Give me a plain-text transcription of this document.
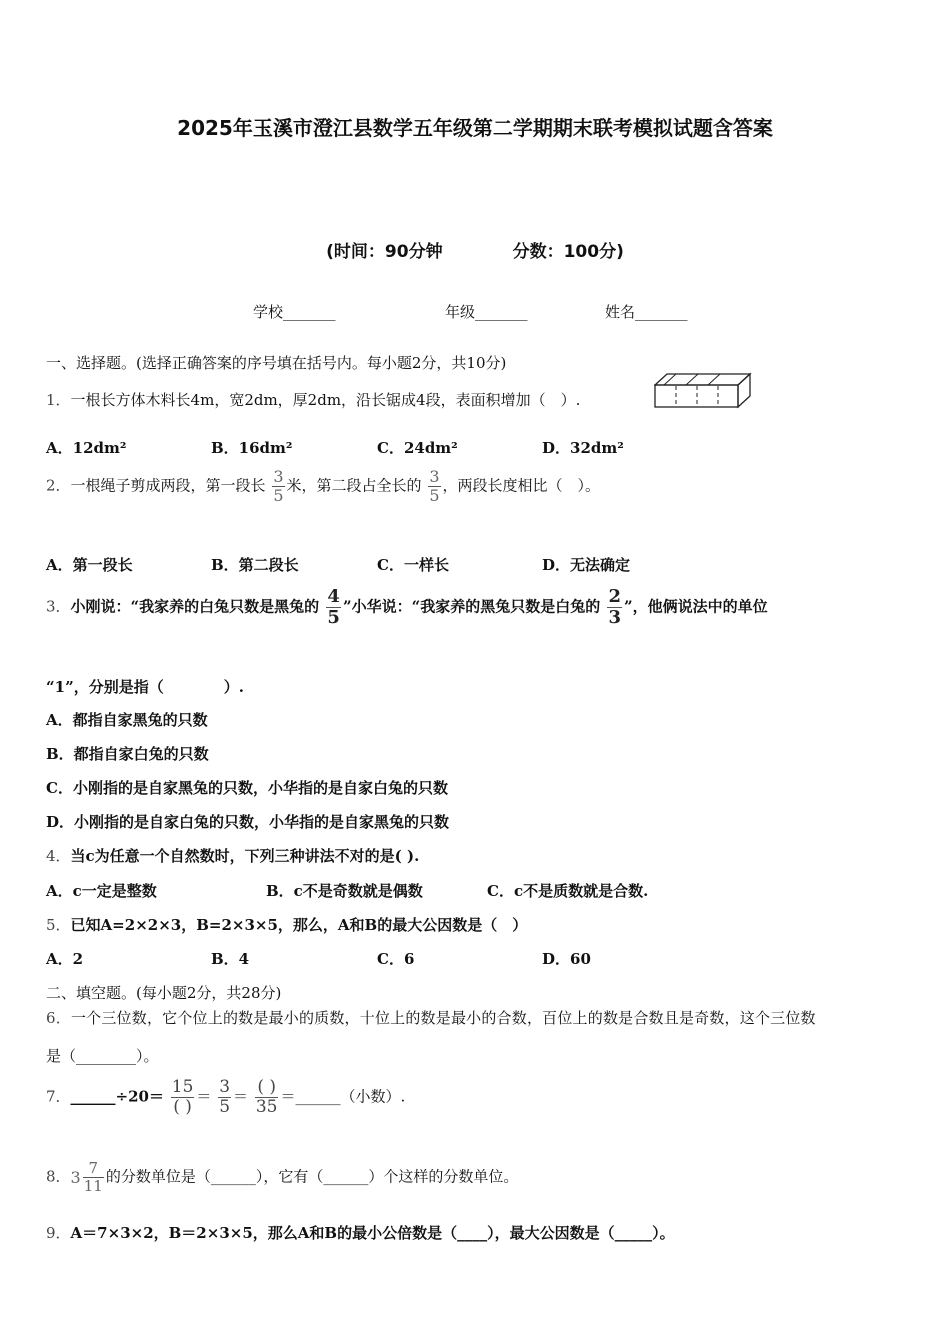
2025年玉溪市澄江县数学五年级第二学期期末联考模拟试题含答案
(时间：90分钟	分数：100分)
学校_______	年级_______	姓名_______
一、选择题。(选择正确答案的序号填在括号内。每小题2分，共10分)
1．一根长方体木料长4m，宽2dm，厚2dm，沿长锯成4段，表面积增加（　）.
A．12dm²	B．16dm²	C．24dm²	D．32dm²
2．一根绳子剪成两段，第一段长 $\frac{3}{5}$ 米，第二段占全长的 $\frac{3}{5}$ ，两段长度相比（　）。
A．第一段长	B．第二段长	C．一样长	D．无法确定
3．小刚说：“我家养的白兔只数是黑兔的 $\frac{4}{5}$ ”小华说：“我家养的黑兔只数是白兔的 $\frac{2}{3}$ ”，他俩说法中的单位
“1”，分别是指（　　　　）.
A．都指自家黑兔的只数
B．都指自家白兔的只数
C．小刚指的是自家黑兔的只数，小华指的是自家白兔的只数
D．小刚指的是自家白兔的只数，小华指的是自家黑兔的只数
4．当c为任意一个自然数时，下列三种讲法不对的是( ).
A．c一定是整数	B．c不是奇数就是偶数	C．c不是质数就是合数.
5．已知A=2×2×3，B=2×3×5，那么，A和B的最大公因数是（　）
A．2	B．4	C．6	D．60
二、填空题。(每小题2分，共28分)
6．一个三位数，它个位上的数是最小的质数，十位上的数是最小的合数，百位上的数是合数且是奇数，这个三位数
是（________）。
7．______÷20＝ $\frac{15}{( )} = \frac{3}{5} = \frac{( )}{35}$ ＝______（小数）.
8．$3 \frac{7}{11}$ 的分数单位是（______），它有（______）个这样的分数单位。
9．A＝7×3×2，B＝2×3×5，那么A和B的最小公倍数是（____），最大公因数是（_____）。
